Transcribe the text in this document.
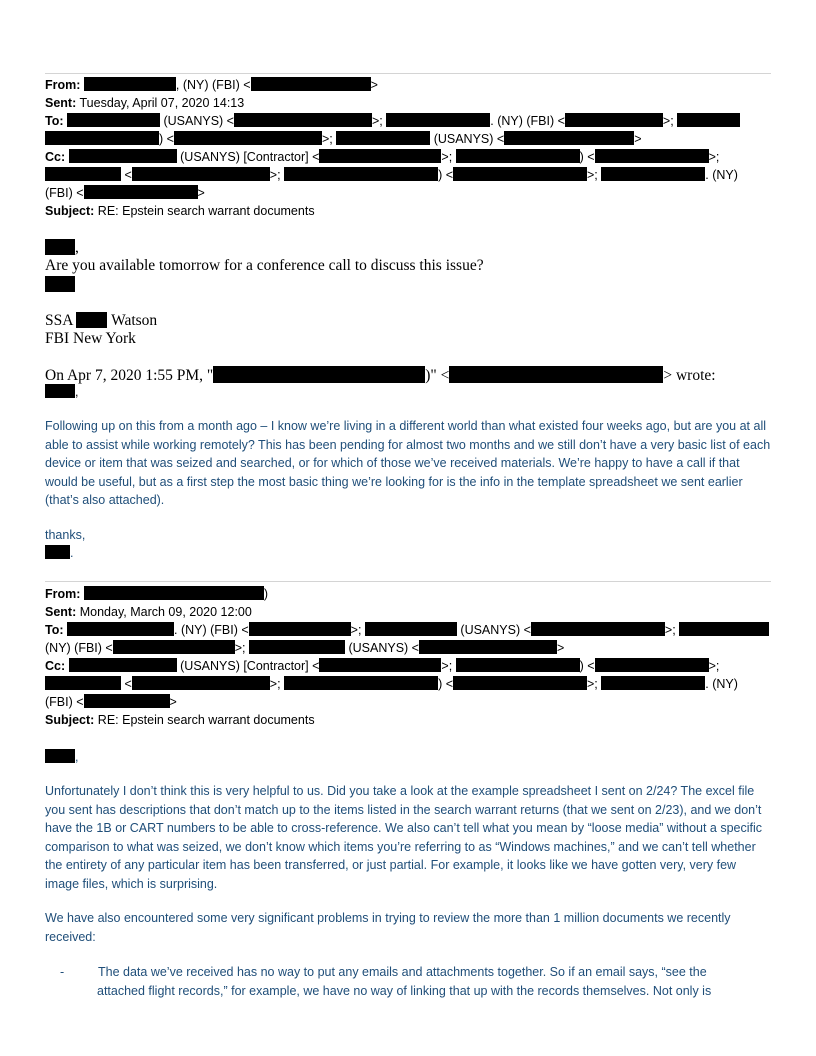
From:	, (NY) (FBI) <	>
Sent: Tuesday, April 07, 2020 14:13
To:	(USANYS) <	>;	. (NY) (FBI) <	>;
) <	>;	(USANYS) <	>
Cc:	(USANYS) [Contractor] <	>;	) <	>;
<	>;	) <	>;	. (NY)
(FBI) <	>
Subject: RE: Epstein search warrant documents
,
Are you available tomorrow for a conference call to discuss this issue?
SSA Watson
FBI New York
On Apr 7, 2020 1:55 PM, "	)" <	> wrote:
,
Following up on this from a month ago – I know we’re living in a different world than what existed four weeks ago, but are you at all able to assist while working remotely? This has been pending for almost two months and we still don’t have a very basic list of each device or item that was seized and searched, or for which of those we’ve received materials. We’re happy to have a call if that would be useful, but as a first step the most basic thing we’re looking for is the info in the template spreadsheet we sent earlier (that’s also attached).
thanks,
.
From:	)
Sent: Monday, March 09, 2020 12:00
To:	. (NY) (FBI) <	>;	(USANYS) <	>;
(NY) (FBI) <	>;	(USANYS) <	>
Cc:	(USANYS) [Contractor] <	>;	) <	>;
<	>;	) <	>;	. (NY)
(FBI) <	>
Subject: RE: Epstein search warrant documents
,
Unfortunately I don’t think this is very helpful to us. Did you take a look at the example spreadsheet I sent on 2/24? The excel file you sent has descriptions that don’t match up to the items listed in the search warrant returns (that we sent on 2/23), and we don’t have the 1B or CART numbers to be able to cross-reference. We also can’t tell what you mean by “loose media” without a specific comparison to what was seized, we don’t know which items you’re referring to as “Windows machines,” and we can’t tell whether the entirety of any particular item has been transferred, or just partial. For example, it looks like we have gotten very, very few image files, which is surprising.
We have also encountered some very significant problems in trying to review the more than 1 million documents we recently received:
-	The data we’ve received has no way to put any emails and attachments together. So if an email says, “see the
attached flight records,” for example, we have no way of linking that up with the records themselves. Not only is
